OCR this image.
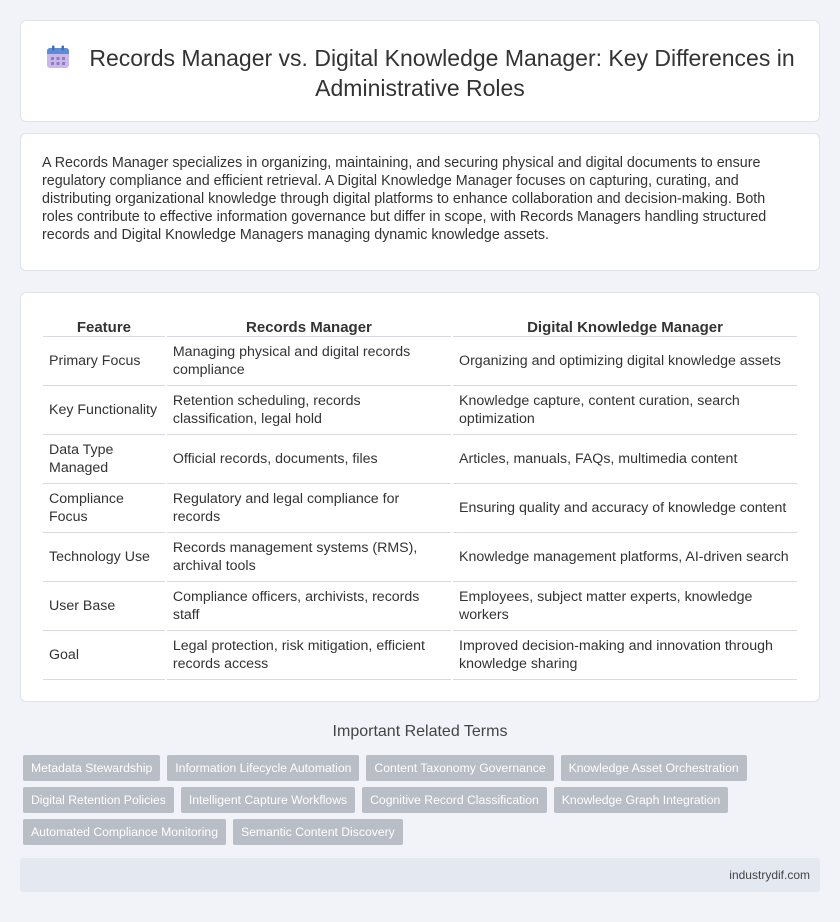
Records Manager vs. Digital Knowledge Manager: Key Differences in Administrative Roles

A Records Manager specializes in organizing, maintaining, and securing physical and digital documents to ensure regulatory compliance and efficient retrieval. A Digital Knowledge Manager focuses on capturing, curating, and distributing organizational knowledge through digital platforms to enhance collaboration and decision-making. Both roles contribute to effective information governance but differ in scope, with Records Managers handling structured records and Digital Knowledge Managers managing dynamic knowledge assets.

Feature	Records Manager	Digital Knowledge Manager
Primary Focus	Managing physical and digital records compliance	Organizing and optimizing digital knowledge assets
Key Functionality	Retention scheduling, records classification, legal hold	Knowledge capture, content curation, search optimization
Data Type Managed	Official records, documents, files	Articles, manuals, FAQs, multimedia content
Compliance Focus	Regulatory and legal compliance for records	Ensuring quality and accuracy of knowledge content
Technology Use	Records management systems (RMS), archival tools	Knowledge management platforms, AI-driven search
User Base	Compliance officers, archivists, records staff	Employees, subject matter experts, knowledge workers
Goal	Legal protection, risk mitigation, efficient records access	Improved decision-making and innovation through knowledge sharing
Important Related Terms
Metadata Stewardship	Information Lifecycle Automation	Content Taxonomy Governance	Knowledge Asset Orchestration
Digital Retention Policies	Intelligent Capture Workflows	Cognitive Record Classification	Knowledge Graph Integration
Automated Compliance Monitoring	Semantic Content Discovery
industrydif.com
